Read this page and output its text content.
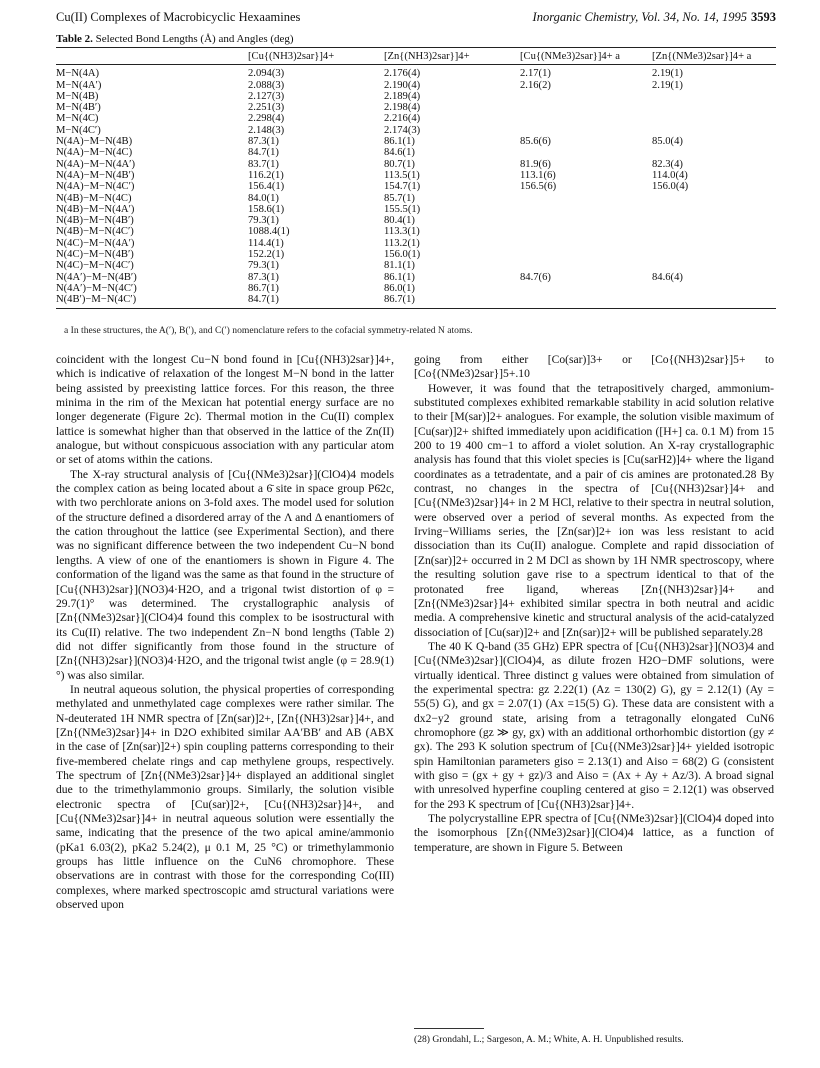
Cu(II) Complexes of Macrobicyclic Hexaamines	Inorganic Chemistry, Vol. 34, No. 14, 1995 3593
Table 2. Selected Bond Lengths (Å) and Angles (deg)
	[Cu{(NH3)2sar}]4+	[Zn{(NH3)2sar}]4+	[Cu{(NMe3)2sar}]4+ a	[Zn{(NMe3)2sar}]4+ a
M−N(4A)	2.094(3)	2.176(4)	2.17(1)	2.19(1)
M−N(4A′)	2.088(3)	2.190(4)	2.16(2)	2.19(1)
M−N(4B)	2.127(3)	2.189(4)		
M−N(4B′)	2.251(3)	2.198(4)		
M−N(4C)	2.298(4)	2.216(4)		
M−N(4C′)	2.148(3)	2.174(3)		
N(4A)−M−N(4B)	87.3(1)	86.1(1)	85.6(6)	85.0(4)
N(4A)−M−N(4C)	84.7(1)	84.6(1)		
N(4A)−M−N(4A′)	83.7(1)	80.7(1)	81.9(6)	82.3(4)
N(4A)−M−N(4B′)	116.2(1)	113.5(1)	113.1(6)	114.0(4)
N(4A)−M−N(4C′)	156.4(1)	154.7(1)	156.5(6)	156.0(4)
N(4B)−M−N(4C)	84.0(1)	85.7(1)		
N(4B)−M−N(4A′)	158.6(1)	155.5(1)		
N(4B)−M−N(4B′)	79.3(1)	80.4(1)		
N(4B)−M−N(4C′)	1088.4(1)	113.3(1)		
N(4C)−M−N(4A′)	114.4(1)	113.2(1)		
N(4C)−M−N(4B′)	152.2(1)	156.0(1)		
N(4C)−M−N(4C′)	79.3(1)	81.1(1)		
N(4A′)−M−N(4B′)	87.3(1)	86.1(1)	84.7(6)	84.6(4)
N(4A′)−M−N(4C′)	86.7(1)	86.0(1)		
N(4B′)−M−N(4C′)	84.7(1)	86.7(1)		
a In these structures, the A(′), B(′), and C(′) nomenclature refers to the cofacial symmetry-related N atoms.

coincident with the longest Cu−N bond found in [Cu{(NH3)2sar}]4+, which is indicative of relaxation of the longest M−N bond in the latter being assisted by preexisting lattice forces. For this reason, the three minima in the rim of the Mexican hat potential energy surface are no longer degenerate (Figure 2c). Thermal motion in the Cu(II) complex lattice is somewhat higher than that observed in the lattice of the Zn(II) analogue, but without conspicuous association with any particular atom or set of atoms within the cations.

The X-ray structural analysis of [Cu{(NMe3)2sar}](ClO4)4 models the complex cation as being located about a 6̄ site in space group P6̄2c, with two perchlorate anions on 3-fold axes. The model used for solution of the structure defined a disordered array of the Λ and Δ enantiomers of the cation throughout the lattice (see Experimental Section), and there was no significant difference between the two independent Cu−N bond lengths. A view of one of the enantiomers is shown in Figure 4. The conformation of the ligand was the same as that found in the structure of [Cu{(NH3)2sar}](NO3)4·H2O, and a trigonal twist distortion of φ = 29.7(1)° was determined. The crystallographic analysis of [Zn{(NMe3)2sar}](ClO4)4 found this complex to be isostructural with its Cu(II) relative. The two independent Zn−N bond lengths (Table 2) did not differ significantly from those found in the structure of [Zn{(NH3)2sar}](NO3)4·H2O, and the trigonal twist angle (φ = 28.9(1)°) was also similar.

In neutral aqueous solution, the physical properties of corresponding methylated and unmethylated cage complexes were rather similar. The N-deuterated 1H NMR spectra of [Zn(sar)]2+, [Zn{(NH3)2sar}]4+, and [Zn{(NMe3)2sar}]4+ in D2O exhibited similar AA′BB′ and AB (ABX in the case of [Zn(sar)]2+) spin coupling patterns corresponding to their five-membered chelate rings and cap methylene groups, respectively. The spectrum of [Zn{(NMe3)2sar}]4+ displayed an additional singlet due to the trimethylammonio groups. Similarly, the solution visible electronic spectra of [Cu(sar)]2+, [Cu{(NH3)2sar}]4+, and [Cu{(NMe3)2sar}]4+ in neutral aqueous solution were essentially the same, indicating that the presence of the two apical amine/ammonio (pKa1 6.03(2), pKa2 5.24(2), μ 0.1 M, 25 °C) or trimethylammonio groups has little influence on the CuN6 chromophore. These observations are in contrast with those for the corresponding Co(III) complexes, where marked spectroscopic amd structural variations were observed upon

going from either [Co(sar)]3+ or [Co{(NH3)2sar}]5+ to [Co{(NMe3)2sar}]5+.10

However, it was found that the tetrapositively charged, ammonium-substituted complexes exhibited remarkable stability in acid solution relative to their [M(sar)]2+ analogues. For example, the solution visible maximum of [Cu(sar)]2+ shifted immediately upon acidification ([H+] ca. 0.1 M) from 15 200 to 19 400 cm−1 to afford a violet solution. An X-ray crystallographic analysis has found that this violet species is [Cu(sarH2)]4+ where the ligand coordinates as a tetradentate, and a pair of cis amines are protonated.28 By contrast, no changes in the spectra of [Cu{(NH3)2sar}]4+ and [Cu{(NMe3)2sar}]4+ in 2 M HCl, relative to their spectra in neutral solution, were observed over a period of several months. As expected from the Irving−Williams series, the [Zn(sar)]2+ ion was less resistant to acid dissociation than its Cu(II) analogue. Complete and rapid dissociation of [Zn(sar)]2+ occurred in 2 M DCl as shown by 1H NMR spectroscopy, where the resulting solution gave rise to a spectrum identical to that of the protonated free ligand, whereas [Zn{(NH3)2sar}]4+ and [Zn{(NMe3)2sar}]4+ exhibited similar spectra in both neutral and acidic media. A comprehensive kinetic and structural analysis of the acid-catalyzed dissociation of [Cu(sar)]2+ and [Zn(sar)]2+ will be published separately.28

The 40 K Q-band (35 GHz) EPR spectra of [Cu{(NH3)2sar}](NO3)4 and [Cu{(NMe3)2sar}](ClO4)4, as dilute frozen H2O−DMF solutions, were virtually identical. Three distinct g values were obtained from simulation of the experimental spectra: gz 2.22(1) (Az = 130(2) G), gy = 2.12(1) (Ay = 55(5) G), and gx = 2.07(1) (Ax =15(5) G). These data are consistent with a dx2−y2 ground state, arising from a tetragonally elongated CuN6 chromophore (gz ≫ gy, gx) with an additional orthorhombic distortion (gy ≠ gx). The 293 K solution spectrum of [Cu{(NMe3)2sar}]4+ yielded isotropic spin Hamiltonian parameters giso = 2.13(1) and Aiso = 68(2) G (consistent with giso = (gx + gy + gz)/3 and Aiso = (Ax + Ay + Az/3). A broad signal with unresolved hyperfine coupling centered at giso = 2.12(1) was observed for the 293 K spectrum of [Cu{(NH3)2sar}]4+.

The polycrystalline EPR spectra of [Cu{(NMe3)2sar}](ClO4)4 doped into the isomorphous [Zn{(NMe3)2sar}](ClO4)4 lattice, as a function of temperature, are shown in Figure 5. Between

(28) Grondahl, L.; Sargeson, A. M.; White, A. H. Unpublished results.
